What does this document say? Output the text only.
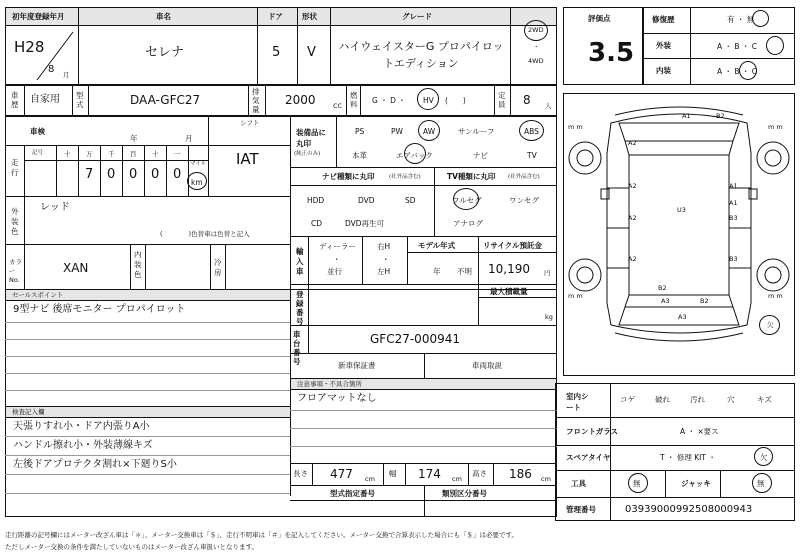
初年度登録年月	車名	ドア	形状	グレード
H28
8 月
セレナ	5 V	ハイウェイスターG プロパイロットエディション
2WD
・
4WD
車歴 自家用 型式	DAA-GFC27
排気量
2000	CC
燃料 G ・ D ・ HV (　　)
定員 8 人
車検
年	月
シフト
IAT
走行
記号	十 万 千 百 十 一
7 0 0 0 0
マイル
km
外装色
レッド
(　　　　)色替車は色替と記入
カラーNo.
XAN
内装色
冷房
セールスポイント
9型ナビ 後席モニター プロパイロット
検査記入欄
天張りすれ小・ドア内張りA小
ハンドル擦れ小・外装薄線キズ
左後ドアプロテクタ割れ×下廻りS小
装備品に丸印
(純正のみ)
PS	PW	AW	サンルーフ	ABS
本革	エアバック	ナビ	TV
ナビ種類に丸印	(社外品含む)	TV種類に丸印 (社外品含む)
HDD	DVD	SD
CD	DVD再生可
フルセグ	ワンセグ
アナログ
輸入車
ディーラー
・
並行
右H
・
左H
モデル年式
年 不明
リサイクル預託金
10,190 円
登録番号
最大積載量
kg
車台番号
GFC27-000941
新車保証書	車両取説
注意事項・不具合箇所
フロアマットなし
長さ 477 cm
幅 174 cm
高さ 186 cm
型式指定番号	類別区分番号
評価点
3.5
修復歴	有 ・ 無
外装	A ・ B ・ C
内装	A ・ B ・ C
m m	m m
m m	m m
A1	B2
A2
A2	A1
A2
A1
U3
B3
A2	B3
B2
B2
A3
A3
欠
室内シート
コゲ	破れ	汚れ	穴	キズ
フロントガラス	A ・ ×要ス
スペアタイヤ	T ・ 修理 KIT ・	欠
工具	無	ジャッキ	無
管理番号	03939000992508000943
走行距離の記号欄にはメーター改ざん車は「＊」、メーター交換車は「＄」、走行不明車は「＃」を記入してください。メーター交換で合算表示した場合にも「＄」は必要です。
ただしメーター交換の条件を満たしていないものはメーター改ざん車扱いとなります。
